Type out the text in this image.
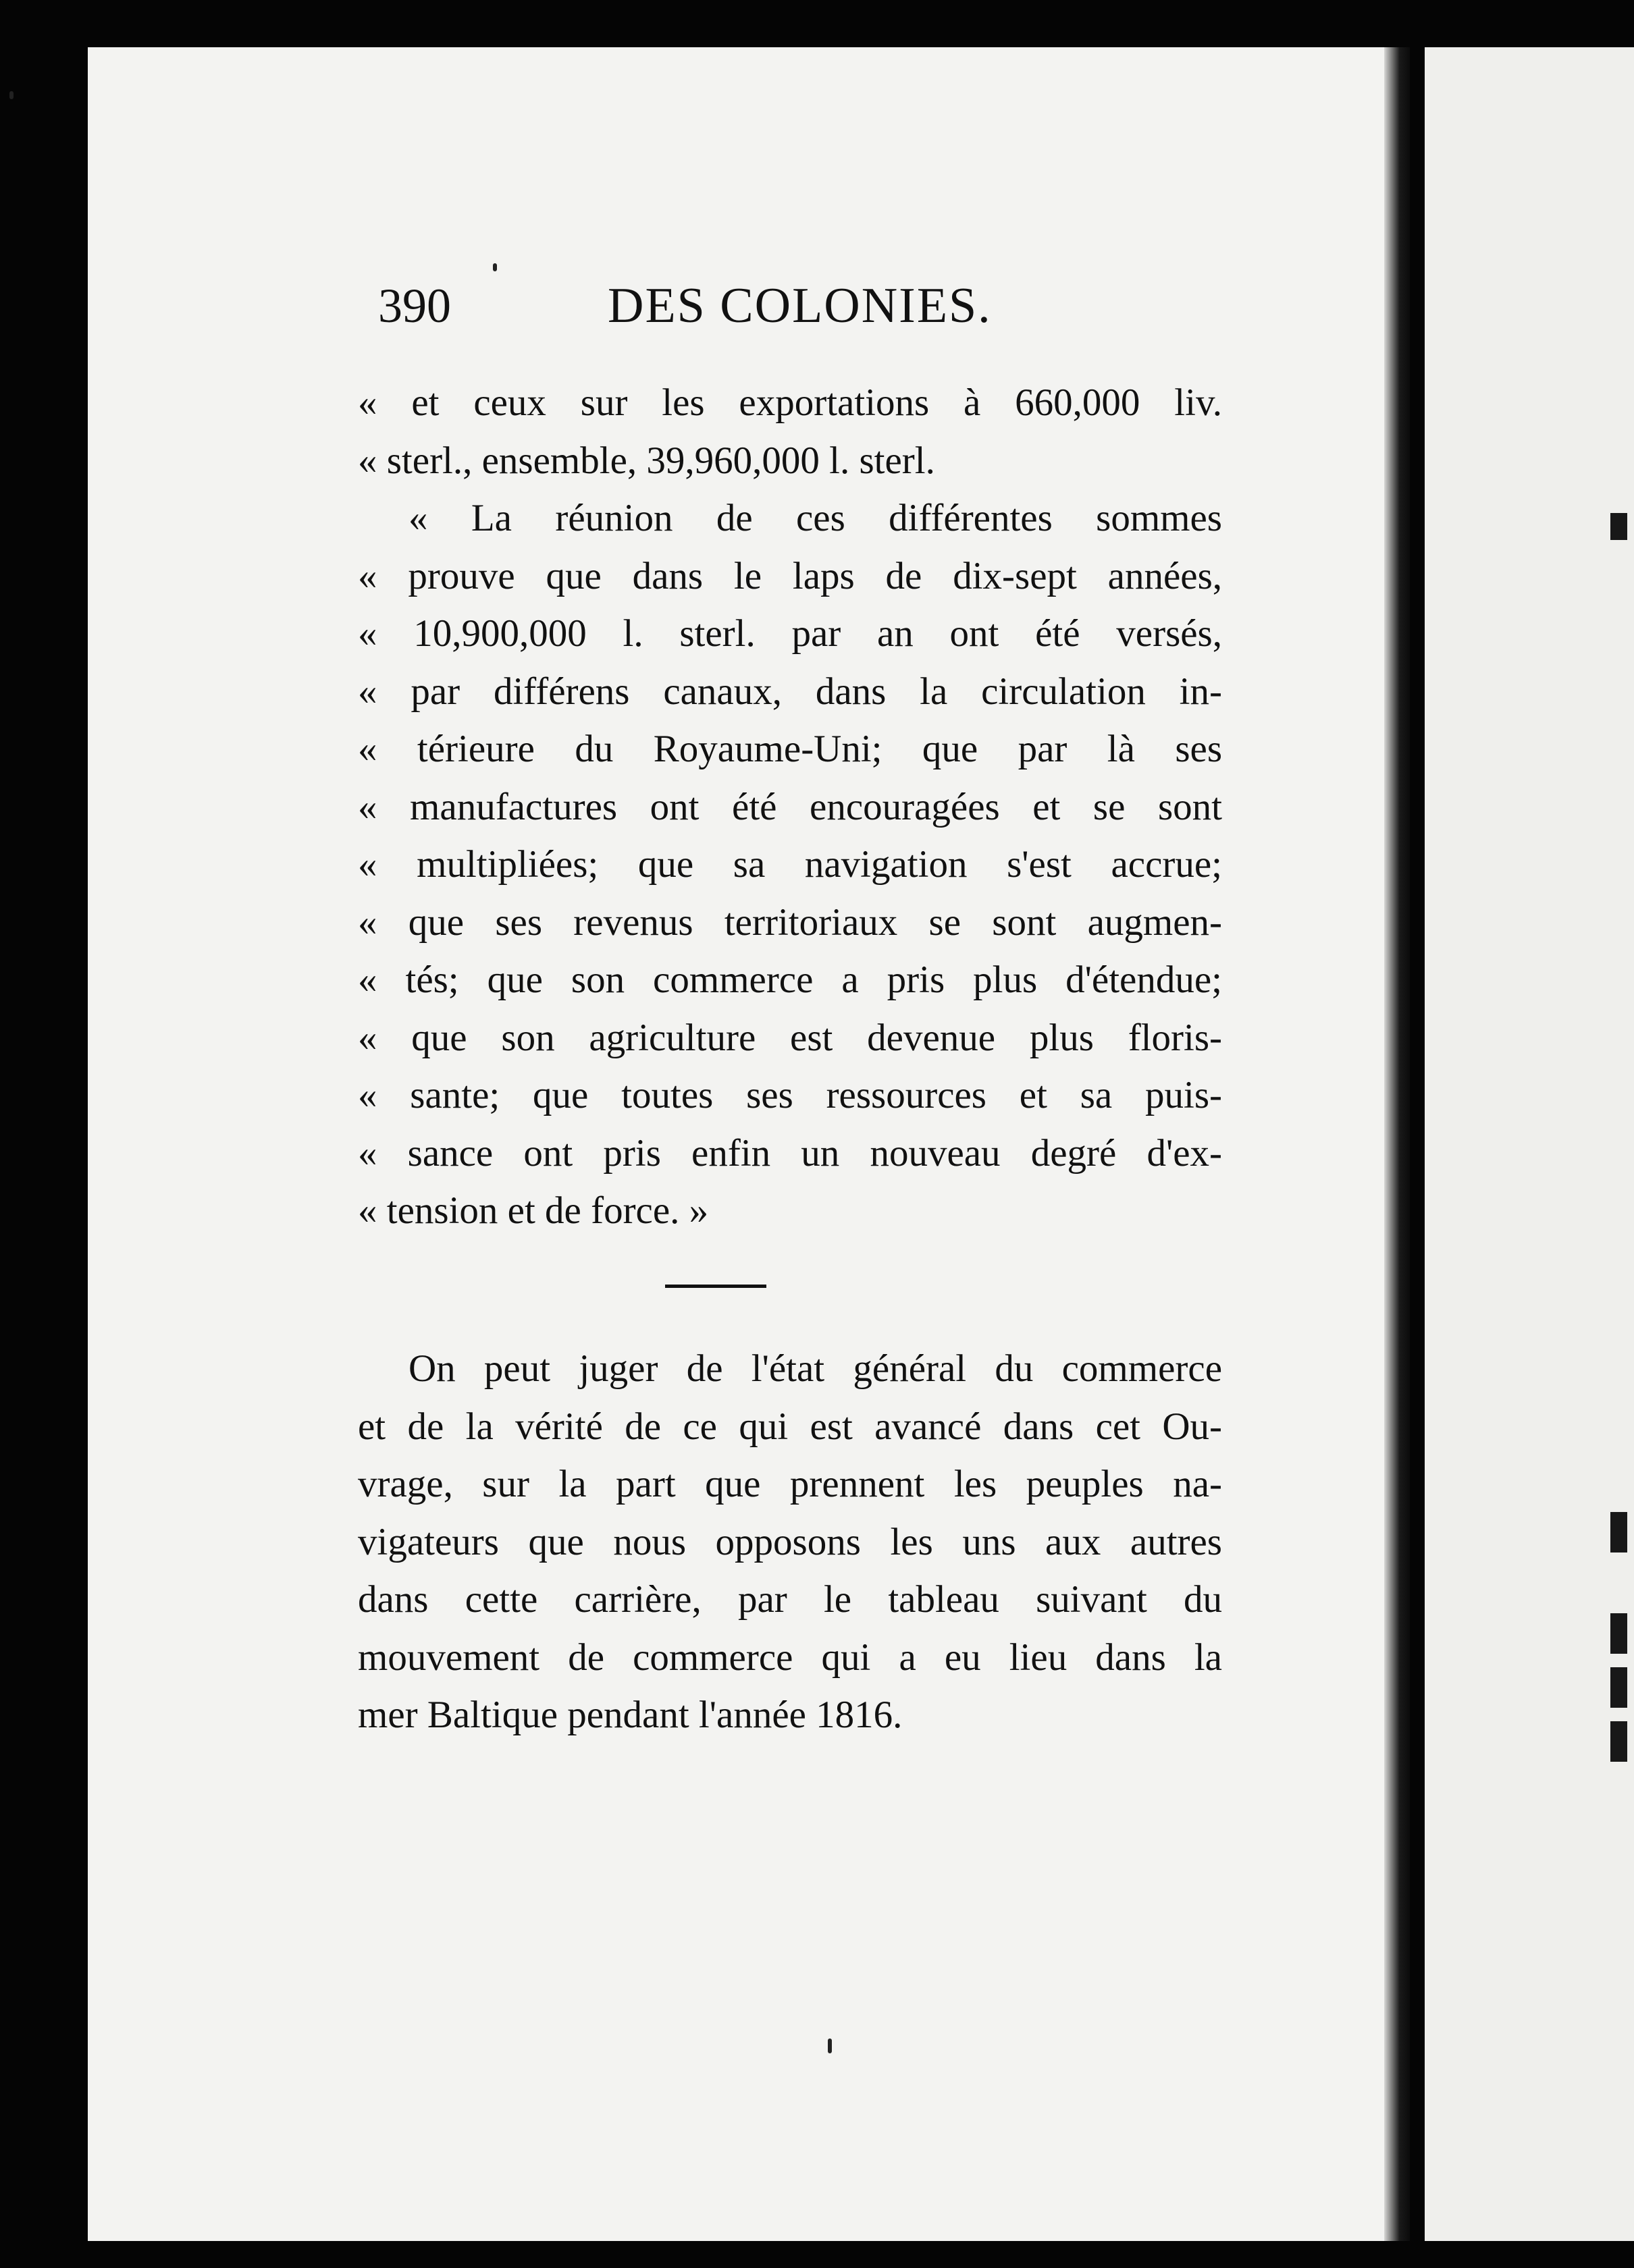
390	DES COLONIES.
« et ceux sur les exportations à 660,000 liv.
« sterl., ensemble, 39,960,000 l. sterl.
« La réunion de ces différentes sommes
« prouve que dans le laps de dix-sept années,
« 10,900,000 l. sterl. par an ont été versés,
« par différens canaux, dans la circulation in-
« térieure du Royaume-Uni; que par là ses
« manufactures ont été encouragées et se sont
« multipliées; que sa navigation s'est accrue;
« que ses revenus territoriaux se sont augmen-
« tés; que son commerce a pris plus d'étendue;
« que son agriculture est devenue plus floris-
« sante; que toutes ses ressources et sa puis-
« sance ont pris enfin un nouveau degré d'ex-
« tension et de force. »
On peut juger de l'état général du commerce
et de la vérité de ce qui est avancé dans cet Ou-
vrage, sur la part que prennent les peuples na-
vigateurs que nous opposons les uns aux autres
dans cette carrière, par le tableau suivant du
mouvement de commerce qui a eu lieu dans la
mer Baltique pendant l'année 1816.
